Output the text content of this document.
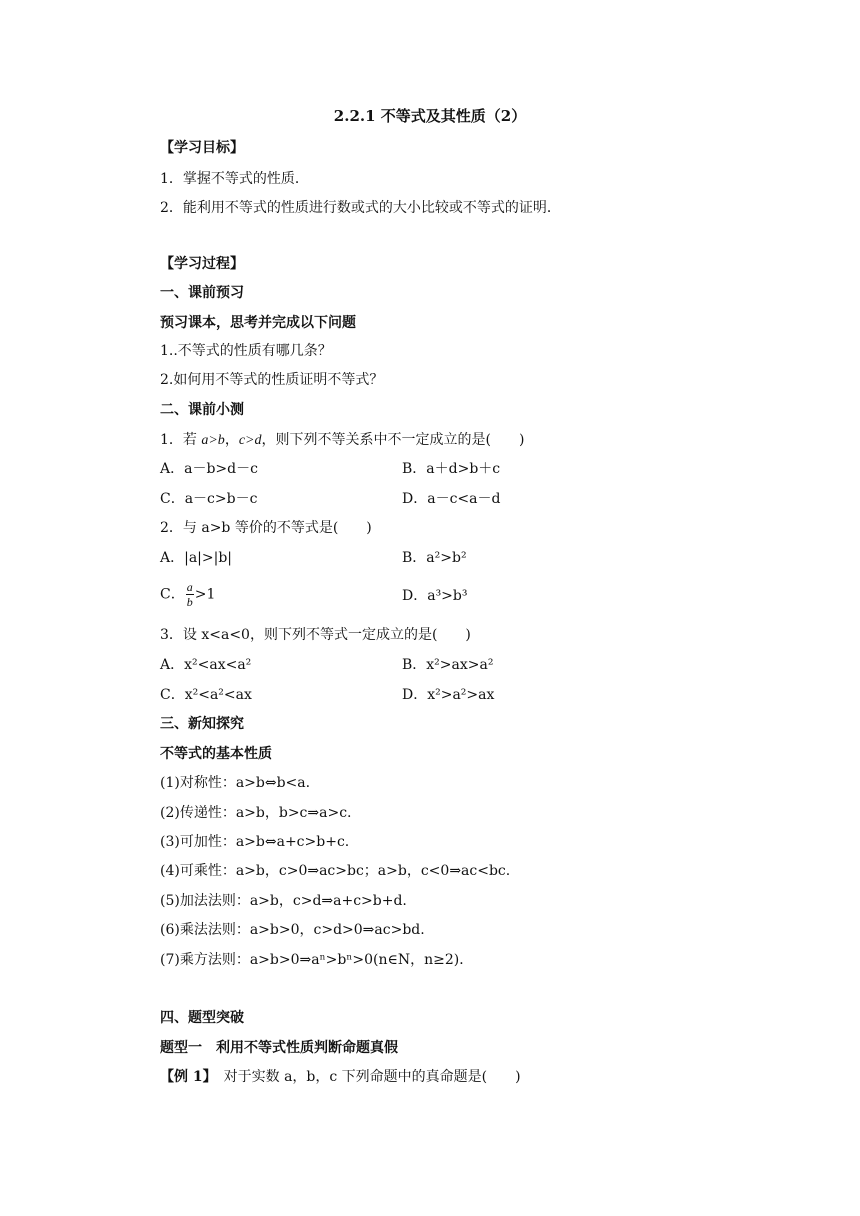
2.2.1 不等式及其性质（2）
【学习目标】
1．掌握不等式的性质．
2．能利用不等式的性质进行数或式的大小比较或不等式的证明．
【学习过程】
一、课前预习
预习课本，思考并完成以下问题
1..不等式的性质有哪几条？
2.如何用不等式的性质证明不等式？
二、课前小测
1．若 a>b，c>d，则下列不等关系中不一定成立的是(　　)
A．a－b>d－c	B．a＋d>b＋c
C．a－c>b－c	D．a－c<a－d
2．与 a>b 等价的不等式是(　　)
A．|a|>|b|	B．a²>b²
C． $\frac{a}{b} >1$	D．a³>b³
3．设 x<a<0，则下列不等式一定成立的是(　　)
A．x²<ax<a²	B．x²>ax>a²
C．x²<a²<ax	D．x²>a²>ax
三、新知探究
不等式的基本性质
(1)对称性：a>b⇔b<a.
(2)传递性：a>b，b>c⇒a>c.
(3)可加性：a>b⇔a+c>b+c.
(4)可乘性：a>b，c>0⇒ac>bc；a>b，c<0⇒ac<bc.
(5)加法法则：a>b，c>d⇒a+c>b+d.
(6)乘法法则：a>b>0，c>d>0⇒ac>bd.
(7)乘方法则：a>b>0⇒aⁿ>bⁿ>0(n∈N，n≥2)．
四、题型突破
题型一　利用不等式性质判断命题真假
【例 1】　 对于实数 a，b，c 下列命题中的真命题是(　　)
